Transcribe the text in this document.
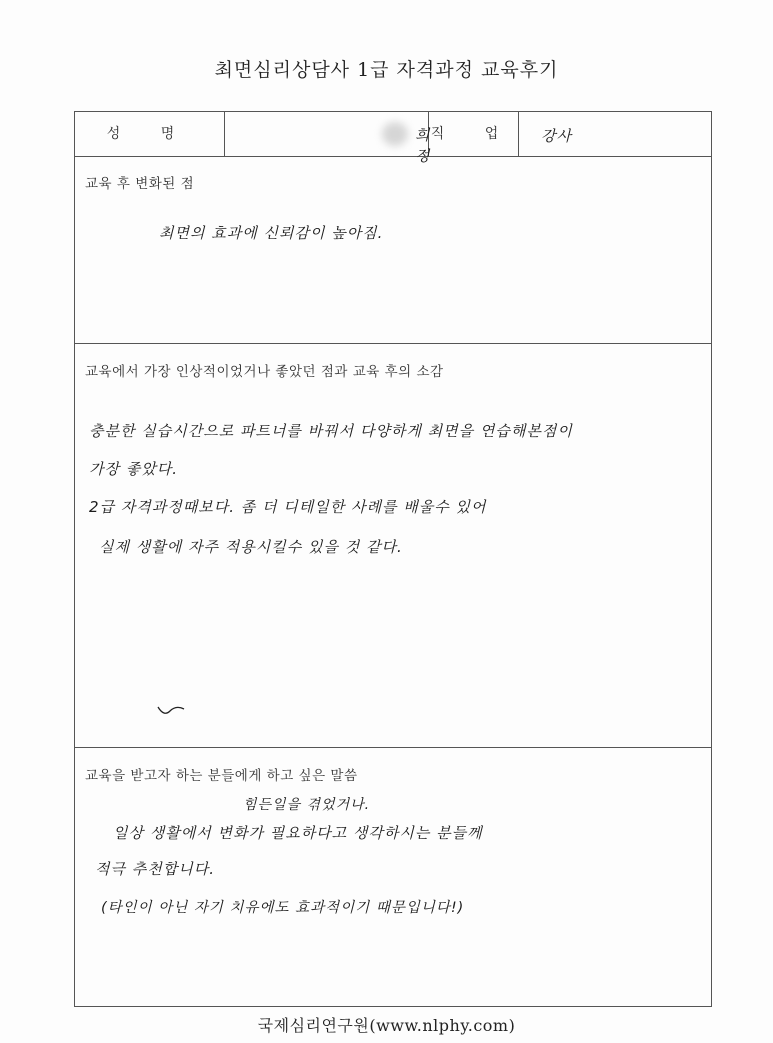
최면심리상담사 1급 자격과정 교육후기
성 명	희정
직 업 강사
교육 후 변화된 점
최면의 효과에 신뢰감이 높아짐.
교육에서 가장 인상적이었거나 좋았던 점과 교육 후의 소감
충분한 실습시간으로 파트너를 바꿔서 다양하게 최면을 연습해본점이
가장 좋았다.
2급 자격과정때보다. 좀 더 디테일한 사례를 배울수 있어
실제 생활에 자주 적용시킬수 있을 것 같다.
교육을 받고자 하는 분들에게 하고 싶은 말씀
힘든일을 겪었거나.
일상 생활에서 변화가 필요하다고 생각하시는 분들께
적극 추천합니다.
(타인이 아닌 자기 치유에도 효과적이기 때문입니다!)
국제심리연구원(www.nlphy.com)
